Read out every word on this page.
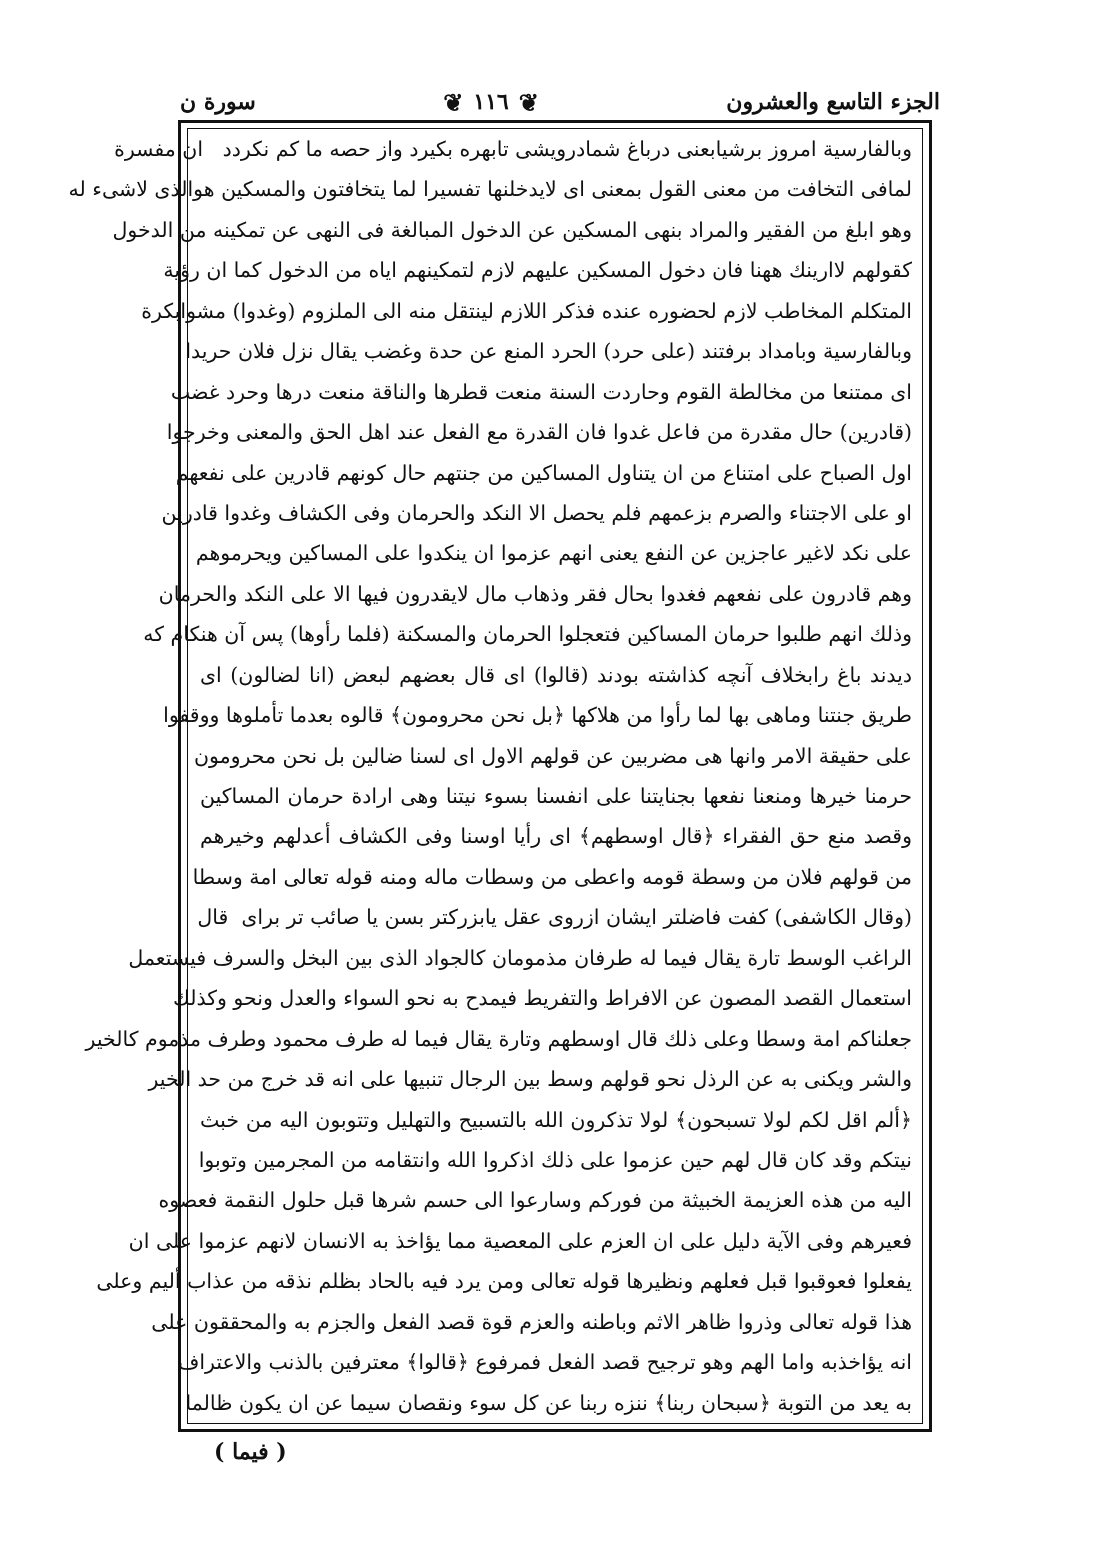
الجزء التاسع والعشرون
❦
١١٦
❦
سورة ن
وبالفارسية امروز برشيابعنى درباغ شمادرويشى تابهره بكيرد واز حصه ما كم نكردد ‌ ‌ ان مفسرة
لمافى التخافت من معنى القول بمعنى اى لايدخلنها تفسيرا لما يتخافتون والمسكين هوالذى لاشىء له
وهو ابلغ من الفقير والمراد بنهى المسكين عن الدخول المبالغة فى النهى عن تمكينه من الدخول
كقولهم لاارينك ههنا فان دخول المسكين عليهم لازم لتمكينهم اياه من الدخول كما ان رؤية
المتكلم المخاطب لازم لحضوره عنده فذكر اللازم لينتقل منه الى الملزوم (وغدوا) مشوابكرة
وبالفارسية وبامداد برفتند (على حرد) الحرد المنع عن حدة وغضب يقال نزل فلان حريدا
اى ممتنعا من مخالطة القوم وحاردت السنة منعت قطرها والناقة منعت درها وحرد غضب
(قادرين) حال مقدرة من فاعل غدوا فان القدرة مع الفعل عند اهل الحق والمعنى وخرجوا
اول الصباح على امتناع من ان يتناول المساكين من جنتهم حال كونهم قادرين على نفعهم
او على الاجتناء والصرم بزعمهم فلم يحصل الا النكد والحرمان وفى الكشاف وغدوا قادرين
على نكد لاغير عاجزين عن النفع يعنى انهم عزموا ان ينكدوا على المساكين ويحرموهم
وهم قادرون على نفعهم فغدوا بحال فقر وذهاب مال لايقدرون فيها الا على النكد والحرمان
وذلك انهم طلبوا حرمان المساكين فتعجلوا الحرمان والمسكنة (فلما رأوها) پس آن هنكام كه
ديدند باغ رابخلاف آنچه كذاشته بودند (قالوا) اى قال بعضهم لبعض (انا لضالون) اى
طريق جنتنا وماهى بها لما رأوا من هلاكها ﴿بل نحن محرومون﴾ قالوه بعدما تأملوها ووقفوا
على حقيقة الامر وانها هى مضربين عن قولهم الاول اى لسنا ضالين بل نحن محرومون
حرمنا خيرها ومنعنا نفعها بجنايتنا على انفسنا بسوء نيتنا وهى ارادة حرمان المساكين
وقصد منع حق الفقراء ﴿قال اوسطهم﴾ اى رأيا اوسنا وفى الكشاف أعدلهم وخيرهم
من قولهم فلان من وسطة قومه واعطى من وسطات ماله ومنه قوله تعالى امة وسطا
(وقال الكاشفى) كفت فاضلتر ايشان ازروى عقل يابزركتر بسن يا صائب تر براى ‌ قال
الراغب الوسط تارة يقال فيما له طرفان مذمومان كالجواد الذى بين البخل والسرف فيستعمل
استعمال القصد المصون عن الافراط والتفريط فيمدح به نحو السواء والعدل ونحو وكذلك
جعلناكم امة وسطا وعلى ذلك قال اوسطهم وتارة يقال فيما له طرف محمود وطرف مذموم كالخير
والشر ويكنى به عن الرذل نحو قولهم وسط بين الرجال تنبيها على انه قد خرج من حد الخير
﴿ألم اقل لكم لولا تسبحون﴾ لولا تذكرون الله بالتسبيح والتهليل وتتوبون اليه من خبث
نيتكم وقد كان قال لهم حين عزموا على ذلك اذكروا الله وانتقامه من المجرمين وتوبوا
اليه من هذه العزيمة الخبيثة من فوركم وسارعوا الى حسم شرها قبل حلول النقمة فعصوه
فعيرهم وفى الآية دليل على ان العزم على المعصية مما يؤاخذ به الانسان لانهم عزموا على ان
يفعلوا فعوقبوا قبل فعلهم ونظيرها قوله تعالى ومن يرد فيه بالحاد بظلم نذقه من عذاب أليم وعلى
هذا قوله تعالى وذروا ظاهر الاثم وباطنه والعزم قوة قصد الفعل والجزم به والمحققون على
انه يؤاخذبه واما الهم وهو ترجيح قصد الفعل فمرفوع ﴿قالوا﴾ معترفين بالذنب والاعتراف
به يعد من التوبة ﴿سبحان ربنا﴾ ننزه ربنا عن كل سوء ونقصان سيما عن ان يكون ظالما
( فيما )
